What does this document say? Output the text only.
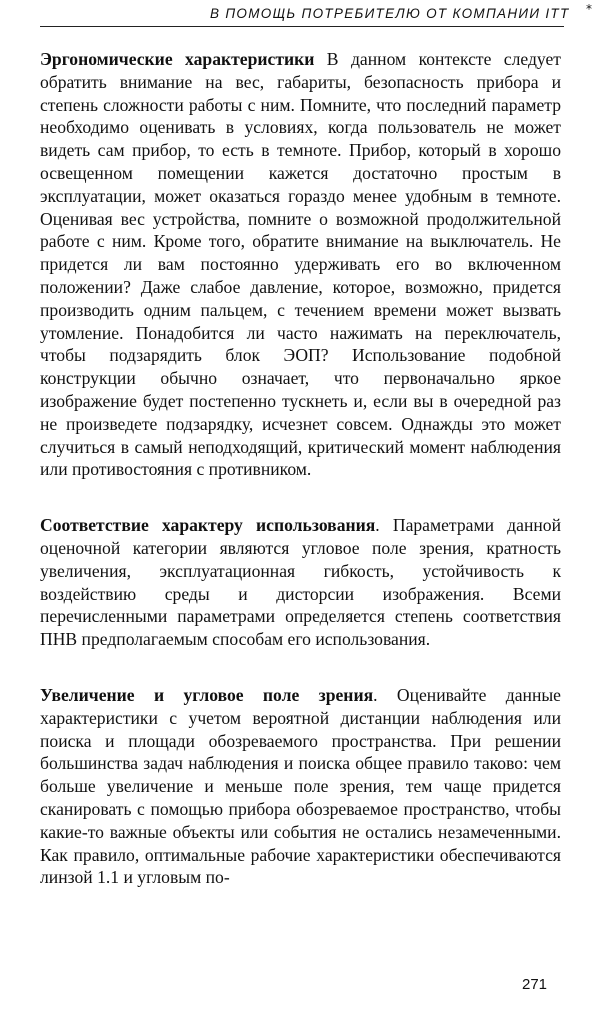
В ПОМОЩЬ ПОТРЕБИТЕЛЮ ОТ КОМПАНИИ ITT *

Эргономические характеристики В данном контексте следует обратить внимание на вес, габариты, безопасность прибора и степень сложности работы с ним. Помните, что последний параметр необходимо оценивать в условиях, когда пользователь не может видеть сам прибор, то есть в темноте. Прибор, который в хорошо освещенном помещении кажется достаточно простым в эксплуатации, может оказаться гораздо менее удобным в темноте. Оценивая вес устройства, помните о возможной продолжительной работе с ним. Кроме того, обратите внимание на выключатель. Не придется ли вам постоянно удерживать его во включенном положении? Даже слабое давление, которое, возможно, придется производить одним пальцем, с течением времени может вызвать утомление. Понадобится ли часто нажимать на переключатель, чтобы подзарядить блок ЭОП? Использование подобной конструкции обычно означает, что первоначально яркое изображение будет постепенно тускнеть и, если вы в очередной раз не произведете подзарядку, исчезнет совсем. Однажды это может случиться в самый неподходящий, критический момент наблюдения или противостояния с противником.

Соответствие характеру использования. Параметрами данной оценочной категории являются угловое поле зрения, кратность увеличения, эксплуатационная гибкость, устойчивость к воздействию среды и дисторсии изображения. Всеми перечисленными параметрами определяется степень соответствия ПНВ предполагаемым способам его использования.

Увеличение и угловое поле зрения. Оценивайте данные характеристики с учетом вероятной дистанции наблюдения или поиска и площади обозреваемого пространства. При решении большинства задач наблюдения и поиска общее правило таково: чем больше увеличение и меньше поле зрения, тем чаще придется сканировать с помощью прибора обозреваемое пространство, чтобы какие-то важные объекты или события не остались незамеченными. Как правило, оптимальные рабочие характеристики обеспечиваются линзой 1.1 и угловым по-

271
